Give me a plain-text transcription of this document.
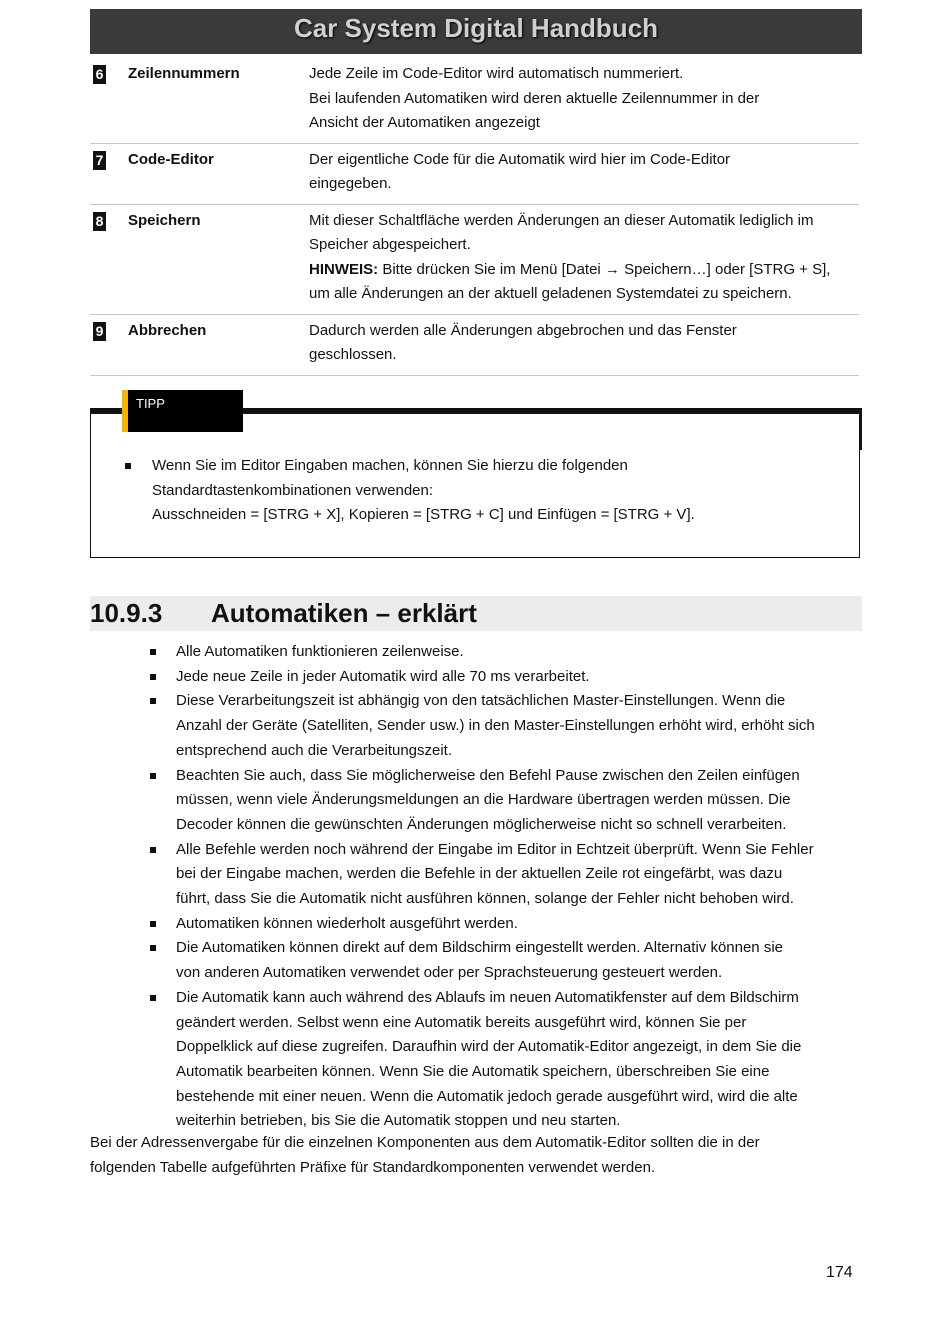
Car System Digital Handbuch
6 Zeilennummern	Jede Zeile im Code-Editor wird automatisch nummeriert.
Bei laufenden Automatiken wird deren aktuelle Zeilennummer in der
Ansicht der Automatiken angezeigt
7 Code-Editor	Der eigentliche Code für die Automatik wird hier im Code-Editor
eingegeben.
8 Speichern	Mit dieser Schaltfläche werden Änderungen an dieser Automatik lediglich im
Speicher abgespeichert.
HINWEIS: Bitte drücken Sie im Menü [Datei → Speichern…] oder [STRG + S],
um alle Änderungen an der aktuell geladenen Systemdatei zu speichern.
9 Abbrechen	Dadurch werden alle Änderungen abgebrochen und das Fenster
geschlossen.
TIPP
Wenn Sie im Editor Eingaben machen, können Sie hierzu die folgenden
Standardtastenkombinationen verwenden:
Ausschneiden = [STRG + X], Kopieren = [STRG + C] und Einfügen = [STRG + V].
10.9.3 Automatiken – erklärt
Alle Automatiken funktionieren zeilenweise.
Jede neue Zeile in jeder Automatik wird alle 70 ms verarbeitet.
Diese Verarbeitungszeit ist abhängig von den tatsächlichen Master-Einstellungen. Wenn die
Anzahl der Geräte (Satelliten, Sender usw.) in den Master-Einstellungen erhöht wird, erhöht sich
entsprechend auch die Verarbeitungszeit.
Beachten Sie auch, dass Sie möglicherweise den Befehl Pause zwischen den Zeilen einfügen
müssen, wenn viele Änderungsmeldungen an die Hardware übertragen werden müssen. Die
Decoder können die gewünschten Änderungen möglicherweise nicht so schnell verarbeiten.
Alle Befehle werden noch während der Eingabe im Editor in Echtzeit überprüft. Wenn Sie Fehler
bei der Eingabe machen, werden die Befehle in der aktuellen Zeile rot eingefärbt, was dazu
führt, dass Sie die Automatik nicht ausführen können, solange der Fehler nicht behoben wird.
Automatiken können wiederholt ausgeführt werden.
Die Automatiken können direkt auf dem Bildschirm eingestellt werden. Alternativ können sie
von anderen Automatiken verwendet oder per Sprachsteuerung gesteuert werden.
Die Automatik kann auch während des Ablaufs im neuen Automatikfenster auf dem Bildschirm
geändert werden. Selbst wenn eine Automatik bereits ausgeführt wird, können Sie per
Doppelklick auf diese zugreifen. Daraufhin wird der Automatik-Editor angezeigt, in dem Sie die
Automatik bearbeiten können. Wenn Sie die Automatik speichern, überschreiben Sie eine
bestehende mit einer neuen. Wenn die Automatik jedoch gerade ausgeführt wird, wird die alte
weiterhin betrieben, bis Sie die Automatik stoppen und neu starten.
Bei der Adressenvergabe für die einzelnen Komponenten aus dem Automatik-Editor sollten die in der
folgenden Tabelle aufgeführten Präfixe für Standardkomponenten verwendet werden.
174
